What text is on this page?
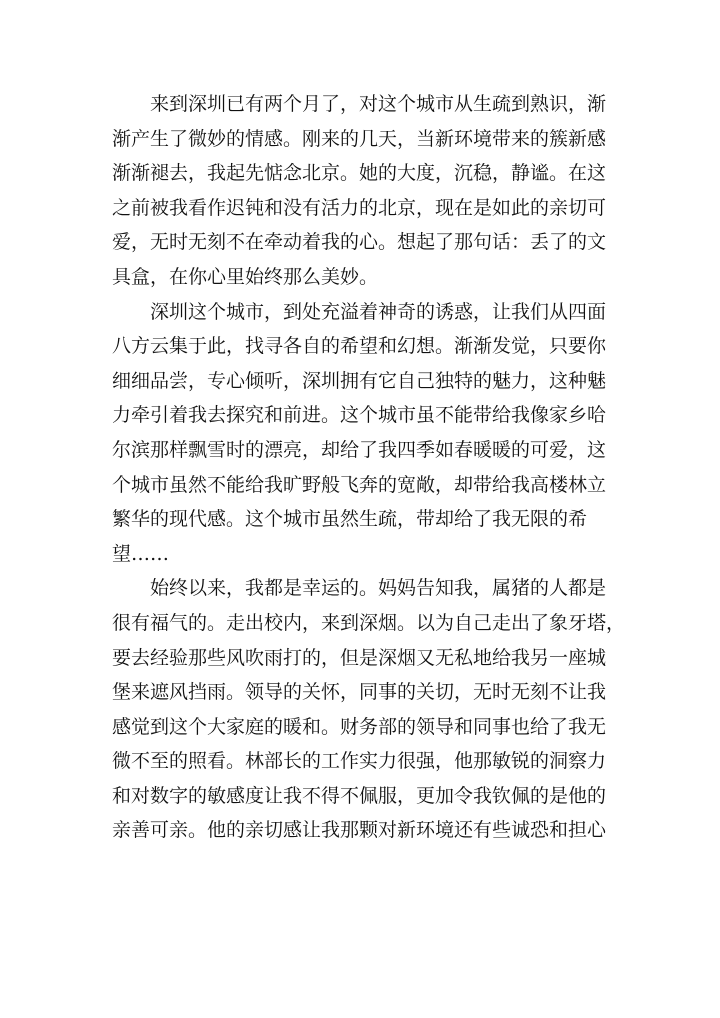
来到深圳已有两个月了，对这个城市从生疏到熟识，渐
渐产生了微妙的情感。刚来的几天，当新环境带来的簇新感
渐渐褪去，我起先惦念北京。她的大度，沉稳，静谧。在这
之前被我看作迟钝和没有活力的北京，现在是如此的亲切可
爱，无时无刻不在牵动着我的心。想起了那句话：丢了的文
具盒，在你心里始终那么美妙。
深圳这个城市，到处充溢着神奇的诱惑，让我们从四面
八方云集于此，找寻各自的希望和幻想。渐渐发觉，只要你
细细品尝，专心倾听，深圳拥有它自己独特的魅力，这种魅
力牵引着我去探究和前进。这个城市虽不能带给我像家乡哈
尔滨那样飘雪时的漂亮，却给了我四季如春暖暖的可爱，这
个城市虽然不能给我旷野般飞奔的宽敞，却带给我高楼林立
繁华的现代感。这个城市虽然生疏，带却给了我无限的希
望……
始终以来，我都是幸运的。妈妈告知我，属猪的人都是
很有福气的。走出校内，来到深烟。以为自己走出了象牙塔，
要去经验那些风吹雨打的，但是深烟又无私地给我另一座城
堡来遮风挡雨。领导的关怀，同事的关切，无时无刻不让我
感觉到这个大家庭的暖和。财务部的领导和同事也给了我无
微不至的照看。林部长的工作实力很强，他那敏锐的洞察力
和对数字的敏感度让我不得不佩服，更加令我钦佩的是他的
亲善可亲。他的亲切感让我那颗对新环境还有些诚恐和担心
